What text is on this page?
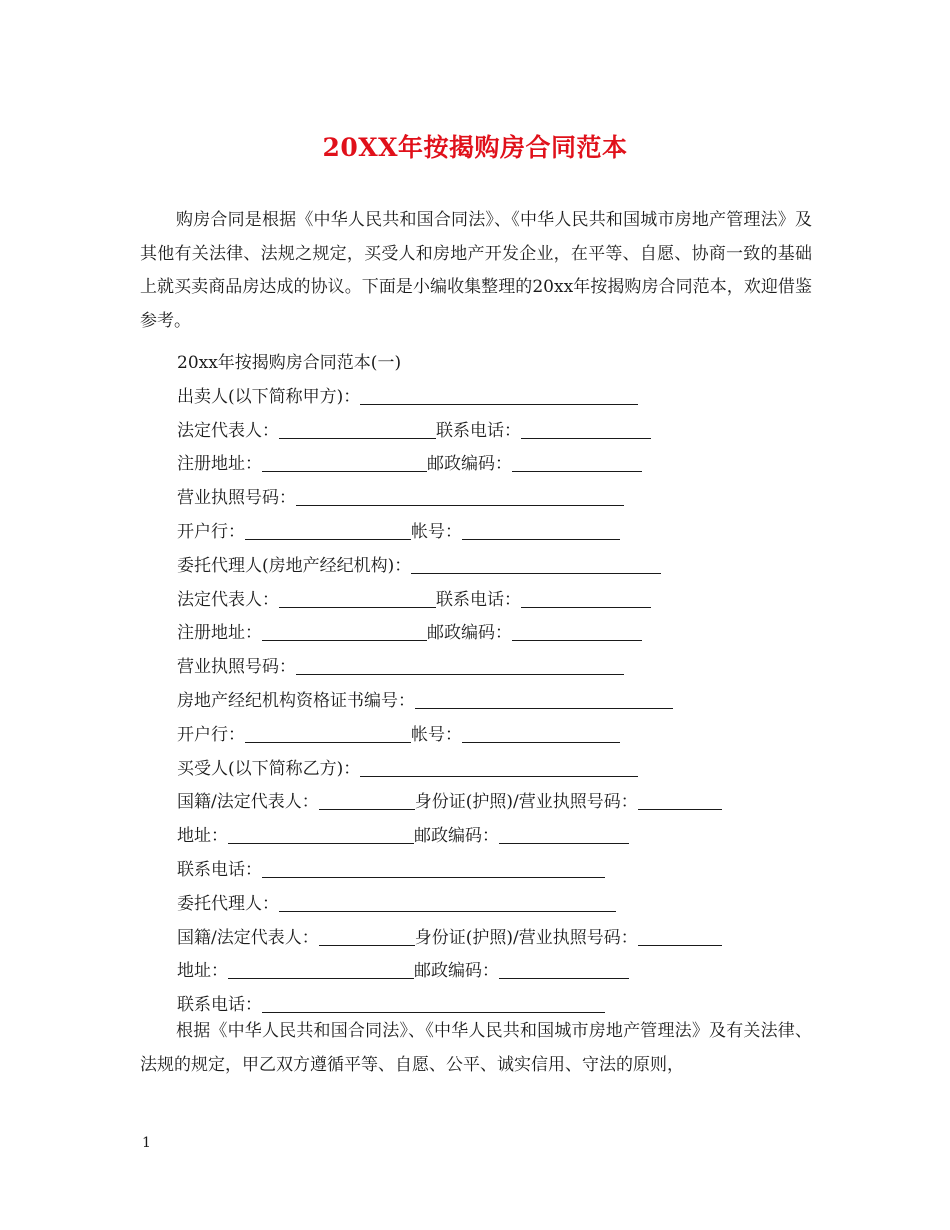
20XX年按揭购房合同范本

购房合同是根据《中华人民共和国合同法》、《中华人民共和国城市房地产管理法》及其他有关法律、法规之规定，买受人和房地产开发企业，在平等、自愿、协商一致的基础上就买卖商品房达成的协议。下面是小编收集整理的20xx年按揭购房合同范本，欢迎借鉴参考。

20xx年按揭购房合同范本(一)
出卖人(以下简称甲方)：
法定代表人：	联系电话：
注册地址：	邮政编码：
营业执照号码：
开户行：	帐号：
委托代理人(房地产经纪机构)：
法定代表人：	联系电话：
注册地址：	邮政编码：
营业执照号码：
房地产经纪机构资格证书编号：
开户行：	帐号：
买受人(以下简称乙方)：
国籍/法定代表人：	身份证(护照)/营业执照号码：
地址：	邮政编码：
联系电话：
委托代理人：
国籍/法定代表人：	身份证(护照)/营业执照号码：
地址：	邮政编码：
联系电话：

根据《中华人民共和国合同法》、《中华人民共和国城市房地产管理法》及有关法律、法规的规定，甲乙双方遵循平等、自愿、公平、诚实信用、守法的原则，

1
